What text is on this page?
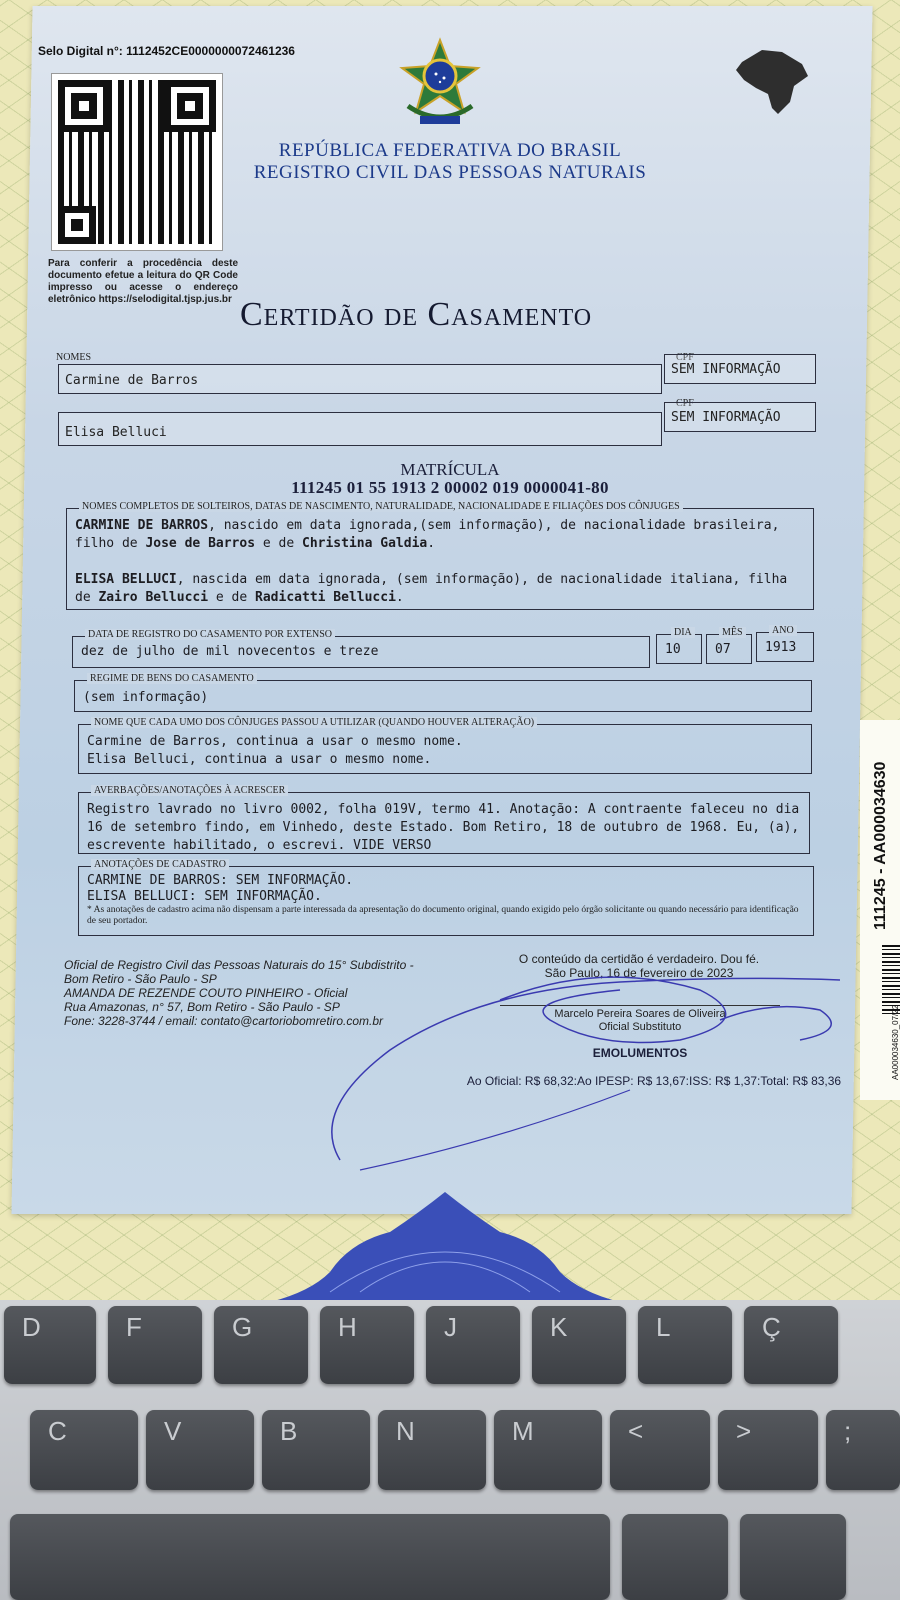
Selo Digital n°: 1112452CE0000000072461236
Para conferir a procedência deste documento efetue a leitura do QR Code impresso ou acesse o endereço eletrônico https://selodigital.tjsp.jus.br
REPÚBLICA FEDERATIVA DO BRASIL
REGISTRO CIVIL DAS PESSOAS NATURAIS
Certidão de Casamento
NOMES
Carmine de Barros
CPF
SEM INFORMAÇÃO
Elisa Belluci
CPF
SEM INFORMAÇÃO
MATRÍCULA
111245 01 55 1913 2 00002 019 0000041-80
NOMES COMPLETOS DE SOLTEIROS, DATAS DE NASCIMENTO, NATURALIDADE, NACIONALIDADE E FILIAÇÕES DOS CÔNJUGES

CARMINE DE BARROS, nascido em data ignorada,(sem informação), de nacionalidade brasileira, filho de Jose de Barros e de Christina Galdia.

ELISA BELLUCI, nascida em data ignorada, (sem informação), de nacionalidade italiana, filha de Zairo Bellucci e de Radicatti Bellucci.

DATA DE REGISTRO DO CASAMENTO POR EXTENSO
dez de julho de mil novecentos e treze
DIA
10
MÊS
07
ANO
1913
REGIME DE BENS DO CASAMENTO
(sem informação)
NOME QUE CADA UMO DOS CÔNJUGES PASSOU A UTILIZAR (QUANDO HOUVER ALTERAÇÃO)

Carmine de Barros, continua a usar o mesmo nome.

Elisa Belluci, continua a usar o mesmo nome.

AVERBAÇÕES/ANOTAÇÕES À ACRESCER

Registro lavrado no livro 0002, folha 019V, termo 41. Anotação: A contraente faleceu no dia 16 de setembro findo, em Vinhedo, deste Estado. Bom Retiro, 18 de outubro de 1968. Eu, (a), escrevente habilitado, o escrevi. VIDE VERSO

ANOTAÇÕES DE CADASTRO

CARMINE DE BARROS: SEM INFORMAÇÃO.

ELISA BELLUCI: SEM INFORMAÇÃO.

* As anotações de cadastro acima não dispensam a parte interessada da apresentação do documento original, quando exigido pelo órgão solicitante ou quando necessário para identificação de seu portador.

Oficial de Registro Civil das Pessoas Naturais do 15° Subdistrito -
Bom Retiro - São Paulo - SP
AMANDA DE REZENDE COUTO PINHEIRO - Oficial
Rua Amazonas, n° 57, Bom Retiro - São Paulo - SP
Fone: 3228-3744 / email: contato@cartoriobomretiro.com.br
O conteúdo da certidão é verdadeiro. Dou fé.
São Paulo, 16 de fevereiro de 2023
Marcelo Pereira Soares de Oliveira
Oficial Substituto
EMOLUMENTOS
Ao Oficial: R$ 68,32:Ao IPESP: R$ 13,67:ISS: R$ 1,37:Total: R$ 83,36
111245 - AA000034630
AA000034630_07/22
D	F	G	H	J	K	L	Ç
C	V	B	N	M	<	>	;
